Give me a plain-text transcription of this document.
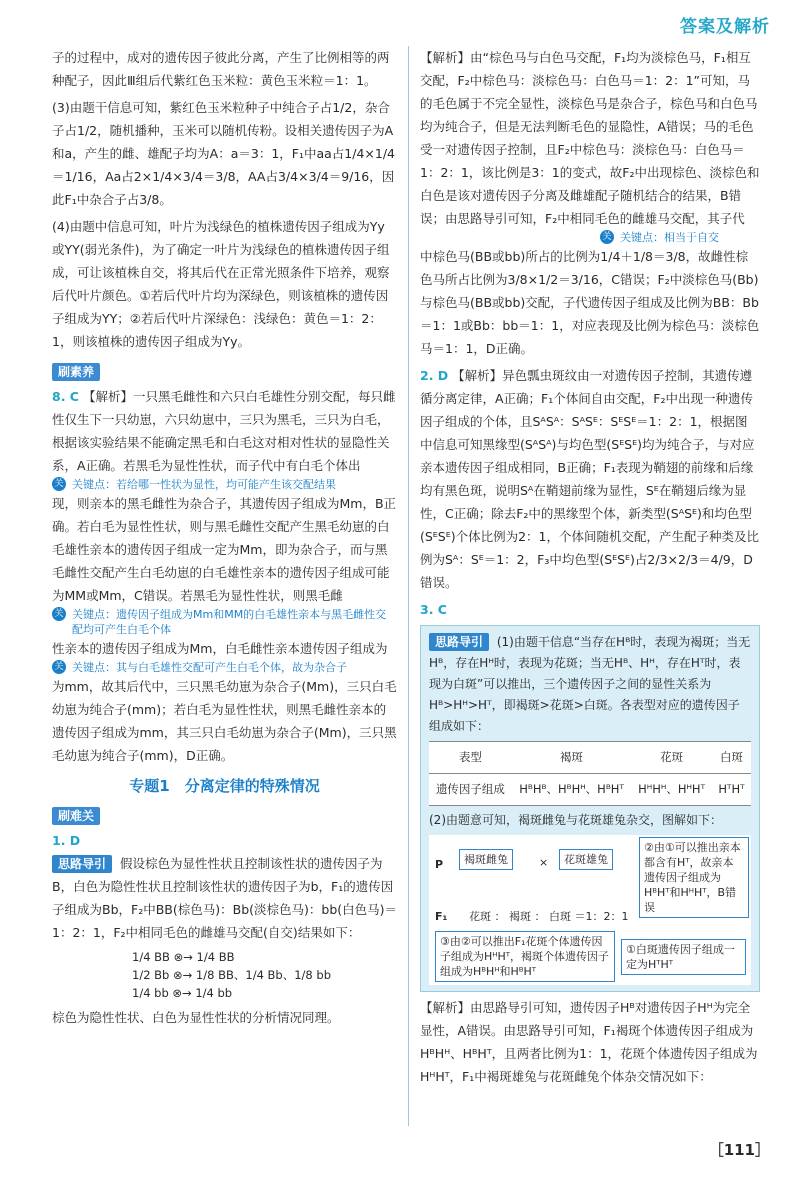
答案及解析

子的过程中，成对的遗传因子彼此分离，产生了比例相等的两种配子，因此Ⅲ组后代紫红色玉米粒：黄色玉米粒＝1：1。

(3)由题干信息可知，紫红色玉米粒种子中纯合子占1/2，杂合子占1/2，随机播种，玉米可以随机传粉。设相关遗传因子为A和a，产生的雌、雄配子均为A：a＝3：1，F₁中aa占1/4×1/4＝1/16，Aa占2×1/4×3/4＝3/8，AA占3/4×3/4＝9/16，因此F₁中杂合子占3/8。

(4)由题中信息可知，叶片为浅绿色的植株遗传因子组成为Yy或YY(弱光条件)，为了确定一叶片为浅绿色的植株遗传因子组成，可让该植株自交，将其后代在正常光照条件下培养，观察后代叶片颜色。①若后代叶片均为深绿色，则该植株的遗传因子组成为YY；②若后代叶片深绿色：浅绿色：黄色＝1：2：1，则该植株的遗传因子组成为Yy。

刷素养

8. C 【解析】一只黑毛雌性和六只白毛雄性分别交配，每只雌性仅生下一只幼崽，六只幼崽中，三只为黑毛，三只为白毛，根据该实验结果不能确定黑毛和白毛这对相对性状的显隐性关系，A正确。若黑毛为显性性状，而子代中有白毛个体出

关 关键点：若给哪一性状为显性，均可能产生该交配结果

现，则亲本的黑毛雌性为杂合子，其遗传因子组成为Mm，B正确。若白毛为显性性状，则与黑毛雌性交配产生黑毛幼崽的白毛雄性亲本的遗传因子组成一定为Mm，即为杂合子，而与黑毛雌性交配产生白毛幼崽的白毛雄性亲本的遗传因子组成可能为MM或Mm，C错误。若黑毛为显性性状，则黑毛雌

关 关键点：遗传因子组成为Mm和MM的白毛雄性亲本与黑毛雌性交配均可产生白毛个体

性亲本的遗传因子组成为Mm，白毛雌性亲本遗传因子组成为

关 关键点：其与白毛雄性交配可产生白毛个体，故为杂合子

为mm，故其后代中，三只黑毛幼崽为杂合子(Mm)，三只白毛幼崽为纯合子(mm)；若白毛为显性性状，则黑毛雌性亲本的遗传因子组成为mm，其三只白毛幼崽为杂合子(Mm)，三只黑毛幼崽为纯合子(mm)，D正确。

专题1　分离定律的特殊情况
刷难关

1. D

思路导引 假设棕色为显性性状且控制该性状的遗传因子为B，白色为隐性性状且控制该性状的遗传因子为b，F₁的遗传因子组成为Bb，F₂中BB(棕色马)：Bb(淡棕色马)：bb(白色马)＝1：2：1，F₂中相同毛色的雌雄马交配(自交)结果如下：

1/4 BB ⊗→ 1/4 BB
1/2 Bb ⊗→ 1/8 BB、1/4 Bb、1/8 bb
1/4 bb ⊗→ 1/4 bb

棕色为隐性性状、白色为显性性状的分析情况同理。

【解析】由“棕色马与白色马交配，F₁均为淡棕色马，F₁相互交配，F₂中棕色马：淡棕色马：白色马＝1：2：1”可知，马的毛色属于不完全显性，淡棕色马是杂合子，棕色马和白色马均为纯合子，但是无法判断毛色的显隐性，A错误；马的毛色受一对遗传因子控制，且F₂中棕色马：淡棕色马：白色马＝1：2：1，该比例是3：1的变式，故F₂中出现棕色、淡棕色和白色是该对遗传因子分离及雌雄配子随机结合的结果，B错误；由思路导引可知，F₂中相同毛色的雌雄马交配，其子代

关 关键点：相当于自交

中棕色马(BB或bb)所占的比例为1/4＋1/8＝3/8，故雌性棕色马所占比例为3/8×1/2＝3/16，C错误；F₂中淡棕色马(Bb)与棕色马(BB或bb)交配，子代遗传因子组成及比例为BB：Bb＝1：1或Bb：bb＝1：1，对应表现及比例为棕色马：淡棕色马＝1：1，D正确。

2. D 【解析】异色瓢虫斑纹由一对遗传因子控制，其遗传遵循分离定律，A正确；F₁个体间自由交配，F₂中出现一种遗传因子组成的个体，且SᴬSᴬ：SᴬSᴱ：SᴱSᴱ＝1：2：1，根据图中信息可知黑缘型(SᴬSᴬ)与均色型(SᴱSᴱ)均为纯合子，与对应亲本遗传因子组成相同，B正确；F₁表现为鞘翅的前缘和后缘均有黑色斑，说明Sᴬ在鞘翅前缘为显性，Sᴱ在鞘翅后缘为显性，C正确；除去F₂中的黑缘型个体，新类型(SᴬSᴱ)和均色型(SᴱSᴱ)个体比例为2：1，个体间随机交配，产生配子种类及比例为Sᴬ：Sᴱ＝1：2，F₃中均色型(SᴱSᴱ)占2/3×2/3＝4/9，D错误。

3. C

思路导引 (1)由题干信息“当存在Hᴮ时，表现为褐斑；当无Hᴮ，存在Hᴴ时，表现为花斑；当无Hᴮ、Hᴴ，存在Hᵀ时，表现为白斑”可以推出，三个遗传因子之间的显性关系为Hᴮ>Hᴴ>Hᵀ，即褐斑>花斑>白斑。各表型对应的遗传因子组成如下：

表型	褐斑	花斑	白斑
遗传因子组成	HᴮHᴮ、HᴮHᴴ、HᴮHᵀ	HᴴHᴴ、HᴴHᵀ	HᵀHᵀ

(2)由题意可知，褐斑雌兔与花斑雄兔杂交，图解如下：

P	褐斑雌兔	×	花斑雄兔
②由①可以推出亲本都含有Hᵀ，故亲本遗传因子组成为HᴮHᵀ和HᴴHᵀ，B错误
F₁ 花斑 ： 褐斑 ： 白斑 ＝1：2：1
③由②可以推出F₁花斑个体遗传因子组成为HᴴHᵀ，褐斑个体遗传因子组成为HᴮHᴴ和HᴮHᵀ
①白斑遗传因子组成一定为HᵀHᵀ

【解析】由思路导引可知，遗传因子Hᴮ对遗传因子Hᴴ为完全显性，A错误。由思路导引可知，F₁褐斑个体遗传因子组成为HᴮHᴴ、HᴮHᵀ，且两者比例为1：1，花斑个体遗传因子组成为HᴴHᵀ，F₁中褐斑雄兔与花斑雌兔个体杂交情况如下：

［111］
